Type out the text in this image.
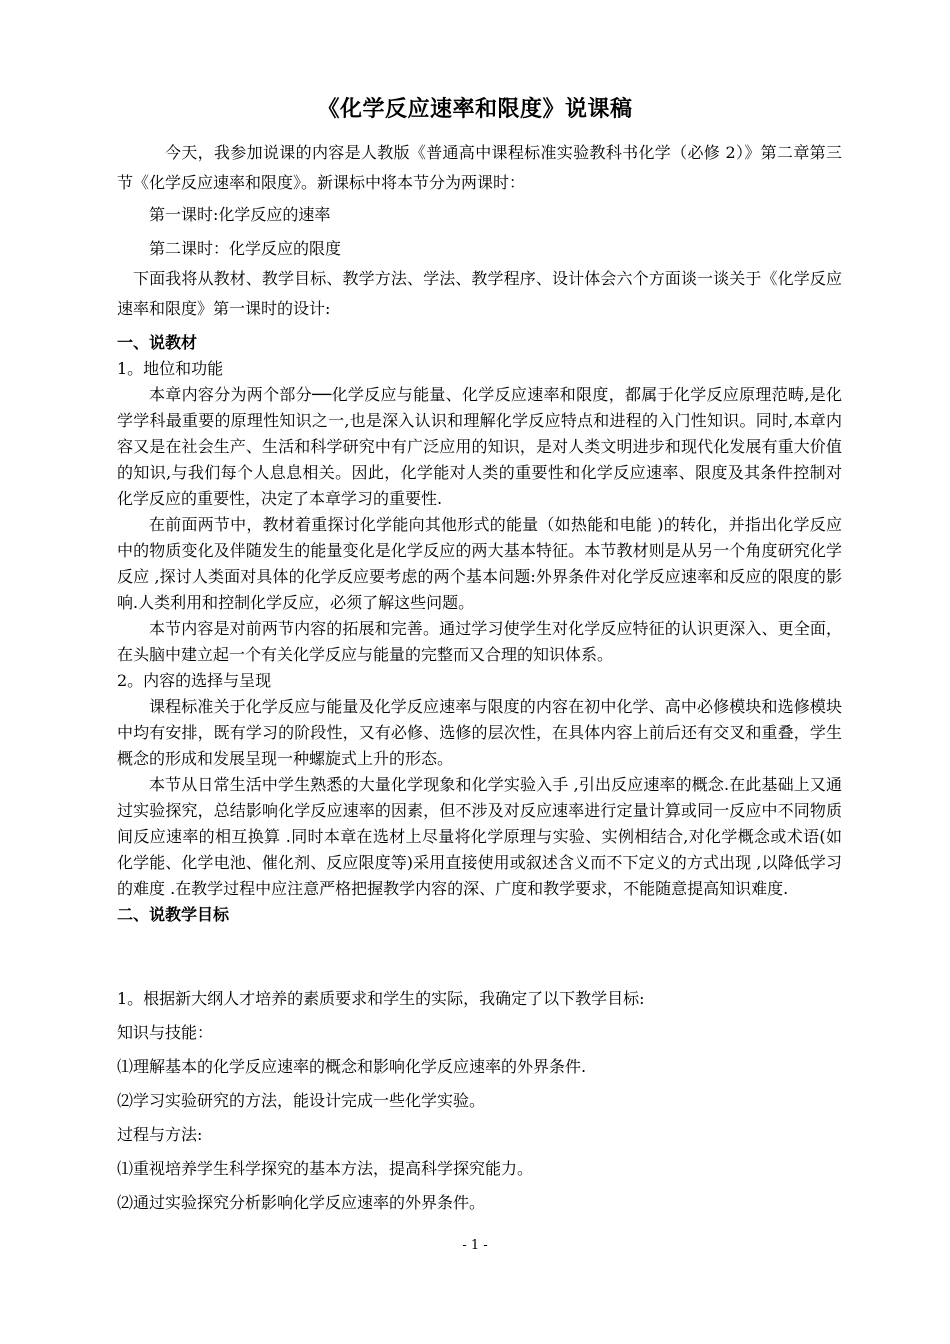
《化学反应速率和限度》说课稿

今天，我参加说课的内容是人教版《普通高中课程标准实验教科书化学（必修 2）》第二章第三节《化学反应速率和限度》。新课标中将本节分为两课时：

第一课时:化学反应的速率

第二课时：化学反应的限度

下面我将从教材、教学目标、教学方法、学法、教学程序、设计体会六个方面谈一谈关于《化学反应速率和限度》第一课时的设计:

一、说教材

1。地位和功能

本章内容分为两个部分──化学反应与能量、化学反应速率和限度，都属于化学反应原理范畴,是化学学科最重要的原理性知识之一,也是深入认识和理解化学反应特点和进程的入门性知识。同时,本章内容又是在社会生产、生活和科学研究中有广泛应用的知识，是对人类文明进步和现代化发展有重大价值的知识,与我们每个人息息相关。因此，化学能对人类的重要性和化学反应速率、限度及其条件控制对化学反应的重要性，决定了本章学习的重要性.

在前面两节中，教材着重探讨化学能向其他形式的能量（如热能和电能 )的转化，并指出化学反应中的物质变化及伴随发生的能量变化是化学反应的两大基本特征。本节教材则是从另一个角度研究化学反应 ,探讨人类面对具体的化学反应要考虑的两个基本问题:外界条件对化学反应速率和反应的限度的影响.人类利用和控制化学反应，必须了解这些问题。

本节内容是对前两节内容的拓展和完善。通过学习使学生对化学反应特征的认识更深入、更全面，在头脑中建立起一个有关化学反应与能量的完整而又合理的知识体系。

2。内容的选择与呈现

课程标准关于化学反应与能量及化学反应速率与限度的内容在初中化学、高中必修模块和选修模块中均有安排，既有学习的阶段性，又有必修、选修的层次性，在具体内容上前后还有交叉和重叠，学生概念的形成和发展呈现一种螺旋式上升的形态。

本节从日常生活中学生熟悉的大量化学现象和化学实验入手 ,引出反应速率的概念.在此基础上又通过实验探究，总结影响化学反应速率的因素，但不涉及对反应速率进行定量计算或同一反应中不同物质间反应速率的相互换算 .同时本章在选材上尽量将化学原理与实验、实例相结合,对化学概念或术语(如化学能、化学电池、催化剂、反应限度等)采用直接使用或叙述含义而不下定义的方式出现 ,以降低学习的难度 .在教学过程中应注意严格把握教学内容的深、广度和教学要求，不能随意提高知识难度.

二、说教学目标

1。根据新大纲人才培养的素质要求和学生的实际，我确定了以下教学目标:

知识与技能：

⑴理解基本的化学反应速率的概念和影响化学反应速率的外界条件.

⑵学习实验研究的方法，能设计完成一些化学实验。

过程与方法:

⑴重视培养学生科学探究的基本方法，提高科学探究能力。

⑵通过实验探究分析影响化学反应速率的外界条件。

- 1 -
